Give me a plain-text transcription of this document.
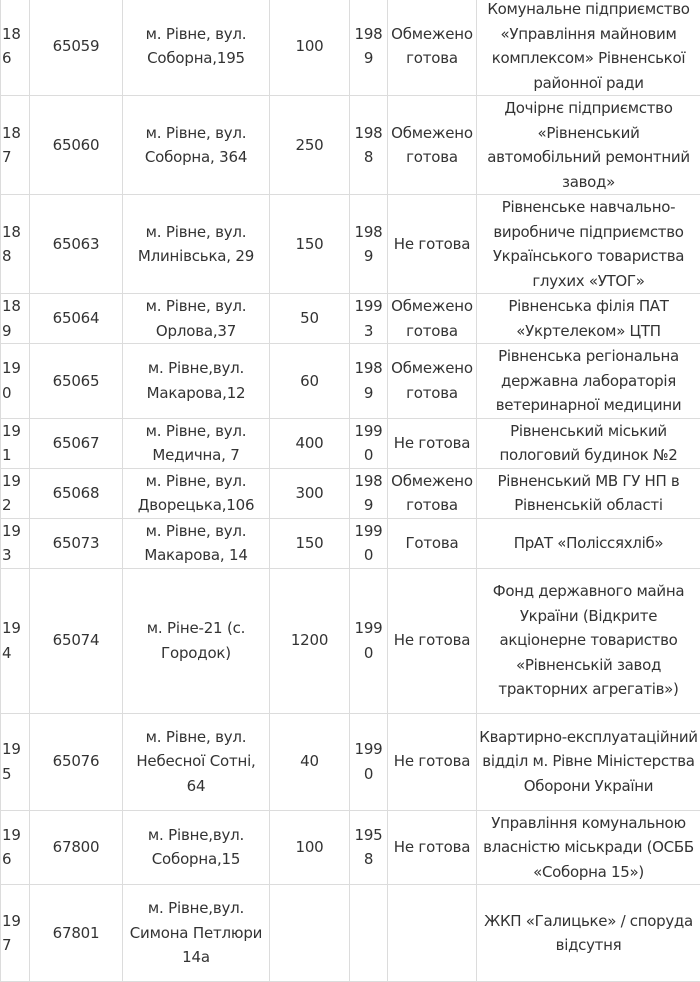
186	65059	м. Рівне, вул. Соборна,195	100	1989	Обмежено готова	Комунальне підприємство «Управління майновим комплексом» Рівненської районної ради
187	65060	м. Рівне, вул. Соборна, 364	250	1988	Обмежено готова	Дочірнє підприємство «Рівненський автомобільний ремонтний завод»
188	65063	м. Рівне, вул. Млинівська, 29	150	1989	Не готова	Рівненське навчально-виробниче підприємство Українського товариства глухих «УТОГ»
189	65064	м. Рівне, вул. Орлова,37	50	1993	Обмежено готова	Рівненська філія ПАТ «Укртелеком» ЦТП
190	65065	м. Рівне,вул. Макарова,12	60	1989	Обмежено готова	Рівненська регіональна державна лабораторія ветеринарної медицини
191	65067	м. Рівне, вул. Медична, 7	400	1990	Не готова	Рівненський міський пологовий будинок №2
192	65068	м. Рівне, вул. Дворецька,106	300	1989	Обмежено готова	Рівненський МВ ГУ НП в Рівненській області
193	65073	м. Рівне, вул. Макарова, 14	150	1990	Готова	ПрАТ «Поліссяхліб»
194	65074	м. Ріне-21 (с. Городок)	1200	1990	Не готова	Фонд державного майна України (Відкрите акціонерне товариство «Рівненській завод тракторних агрегатів»)
195	65076	м. Рівне, вул. Небесної Сотні, 64	40	1990	Не готова	Квартирно-експлуатаційний відділ м. Рівне Міністерства Оборони України
196	67800	м. Рівне,вул. Соборна,15	100	1958	Не готова	Управління комунальною власністю міськради (ОСББ «Соборна 15»)
197	67801	м. Рівне,вул. Симона Петлюри 14а				ЖКП «Галицьке» / споруда відсутня
